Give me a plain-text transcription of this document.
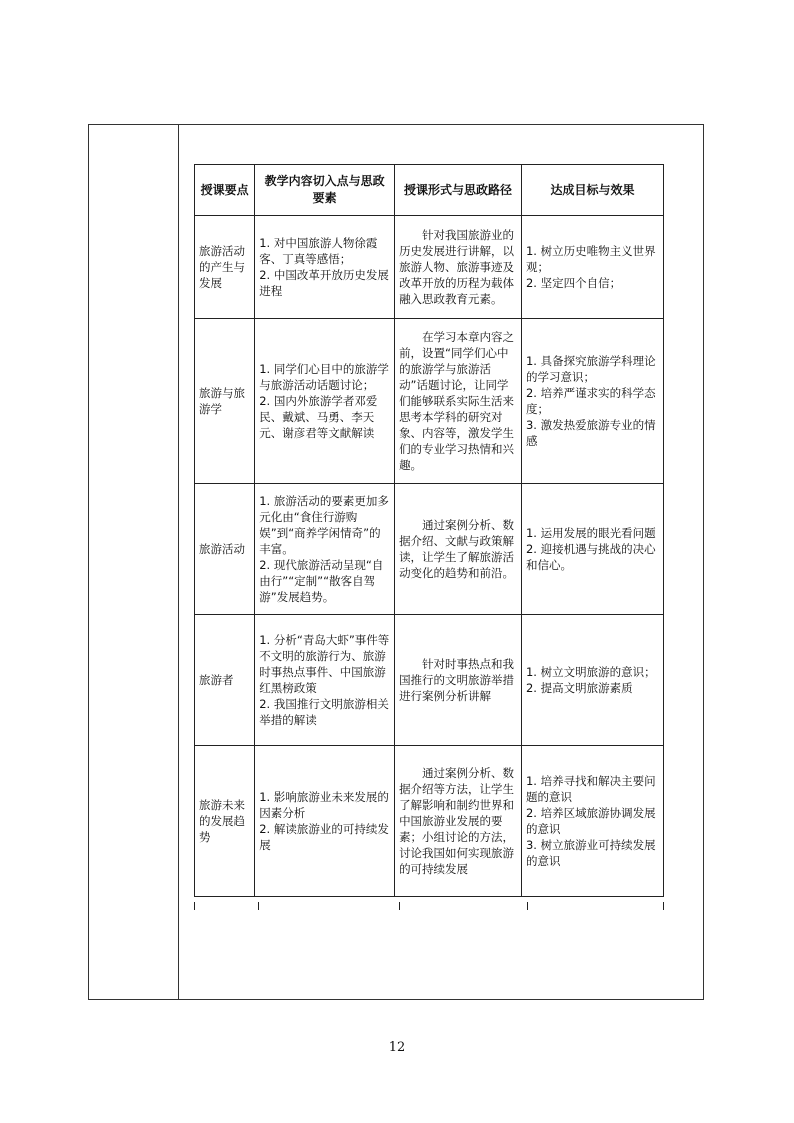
授课要点	教学内容切入点与思政要素	授课形式与思政路径	达成目标与效果
旅游活动的产生与发展	1. 对中国旅游人物徐霞客、丁真等感悟；
2. 中国改革开放历史发展进程	针对我国旅游业的历史发展进行讲解，以旅游人物、旅游事迹及改革开放的历程为载体融入思政教育元素。	1. 树立历史唯物主义世界观；
2. 坚定四个自信；

旅游与旅游学	1. 同学们心目中的旅游学与旅游活动话题讨论；
2. 国内外旅游学者邓爱民、戴斌、马勇、李天元、谢彦君等文献解读	在学习本章内容之前，设置“同学们心中的旅游学与旅游活动”话题讨论，让同学们能够联系实际生活来思考本学科的研究对象、内容等，激发学生们的专业学习热情和兴趣。	1. 具备探究旅游学科理论的学习意识；
2. 培养严谨求实的科学态度；
3. 激发热爱旅游专业的情感

旅游活动	1. 旅游活动的要素更加多元化由“食住行游购娱”到“商养学闲情奇”的丰富。
2. 现代旅游活动呈现“自由行”“定制”“散客自驾游”发展趋势。	通过案例分析、数据介绍、文献与政策解读，让学生了解旅游活动变化的趋势和前沿。	1. 运用发展的眼光看问题
2. 迎接机遇与挑战的决心和信心。

旅游者	1. 分析“青岛大虾”事件等不文明的旅游行为、旅游时事热点事件、中国旅游红黑榜政策
2. 我国推行文明旅游相关举措的解读	针对时事热点和我国推行的文明旅游举措进行案例分析讲解	1. 树立文明旅游的意识；
2. 提高文明旅游素质

旅游未来的发展趋势	1. 影响旅游业未来发展的因素分析
2. 解读旅游业的可持续发展	通过案例分析、数据介绍等方法，让学生了解影响和制约世界和中国旅游业发展的要素；小组讨论的方法，讨论我国如何实现旅游的可持续发展	1. 培养寻找和解决主要问题的意识
2. 培养区域旅游协调发展的意识
3. 树立旅游业可持续发展的意识
12
